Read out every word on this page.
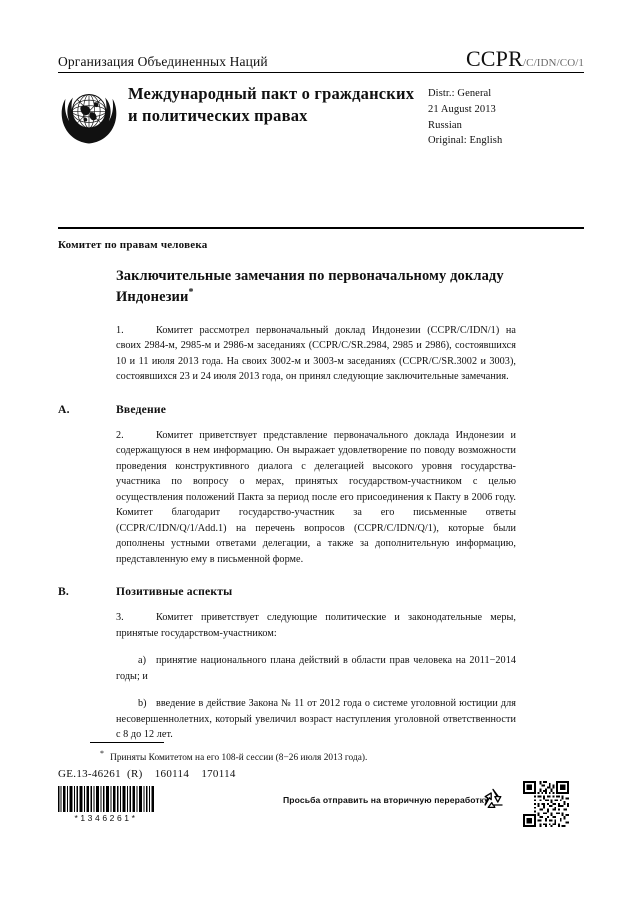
Организация Объединенных Наций	CCPR/C/IDN/CO/1
Международный пакт о гражданских и политических правах
Distr.: General
21 August 2013
Russian
Original: English
Комитет по правам человека
Заключительные замечания по первоначальному докладу Индонезии*

1.	Комитет рассмотрел первоначальный доклад Индонезии (CCPR/C/IDN/1) на своих 2984-м, 2985-м и 2986-м заседаниях (CCPR/C/SR.2984, 2985 и 2986), состоявшихся 10 и 11 июля 2013 года. На своих 3002-м и 3003-м заседаниях (CCPR/C/SR.3002 и 3003), состоявшихся 23 и 24 июля 2013 года, он принял следующие заключительные замечания.

A.	Введение

2.	Комитет приветствует представление первоначального доклада Индонезии и содержащуюся в нем информацию. Он выражает удовлетворение по поводу возможности проведения конструктивного диалога с делегацией высокого уровня государства-участника по вопросу о мерах, принятых государством-участником с целью осуществления положений Пакта за период после его присоединения к Пакту в 2006 году. Комитет благодарит государство-участник за его письменные ответы (CCPR/C/IDN/Q/1/Add.1) на перечень вопросов (CCPR/C/IDN/Q/1), которые были дополнены устными ответами делегации, а также за дополнительную информацию, представленную ему в письменной форме.

B.	Позитивные аспекты

3.	Комитет приветствует следующие политические и законодательные меры, принятые государством-участником:

a) принятие национального плана действий в области прав человека на 2011−2014 годы; и

b) введение в действие Закона № 11 от 2012 года о системе уголовной юстиции для несовершеннолетних, который увеличил возраст наступления уголовной ответственности с 8 до 12 лет.

* Приняты Комитетом на его 108-й сессии (8−26 июля 2013 года).
GE.13-46261  (R)    160114    170114
*1346261*
Просьба отправить на вторичную переработку
